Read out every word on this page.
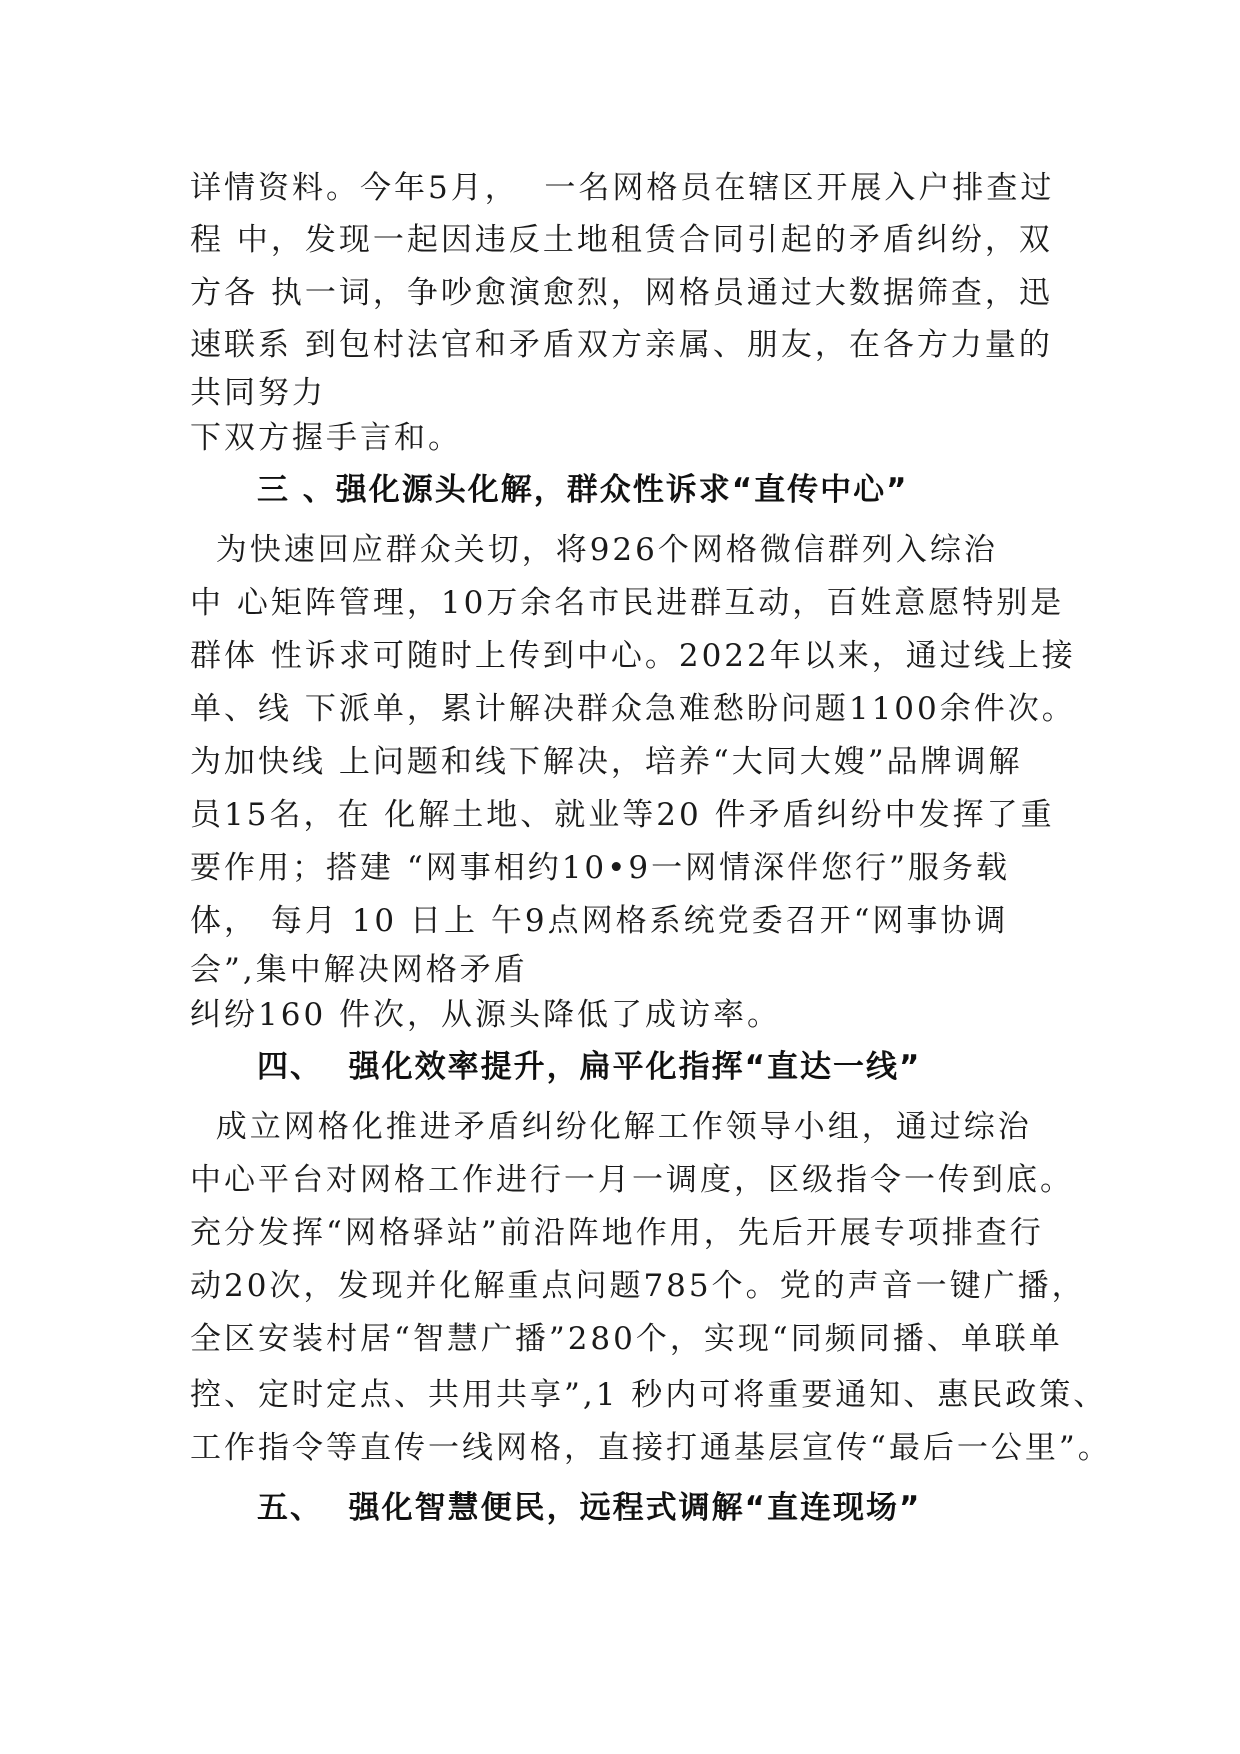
详情资料。今年5月，  一名网格员在辖区开展入户排查过
程 中，发现一起因违反土地租赁合同引起的矛盾纠纷，双
方各 执一词，争吵愈演愈烈，网格员通过大数据筛查，迅
速联系 到包村法官和矛盾双方亲属、朋友，在各方力量的
共同努力
下双方握手言和。
三 、强化源头化解，群众性诉求“直传中心”
为快速回应群众关切，将926个网格微信群列入综治
中 心矩阵管理，10万余名市民进群互动，百姓意愿特别是
群体 性诉求可随时上传到中心。2022年以来，通过线上接
单、线 下派单，累计解决群众急难愁盼问题1100余件次。
为加快线 上问题和线下解决，培养“大同大嫂”品牌调解
员15名，在 化解土地、就业等20 件矛盾纠纷中发挥了重
要作用；搭建 “网事相约10•9一网情深伴您行”服务载
体， 每月 10 日上 午9点网格系统党委召开“网事协调
会”,集中解决网格矛盾
纠纷160 件次，从源头降低了成访率。
四、  强化效率提升，扁平化指挥“直达一线”
成立网格化推进矛盾纠纷化解工作领导小组，通过综治
中心平台对网格工作进行一月一调度，区级指令一传到底。
充分发挥“网格驿站”前沿阵地作用，先后开展专项排查行
动20次，发现并化解重点问题785个。党的声音一键广播，
全区安装村居“智慧广播”280个，实现“同频同播、单联单
控、定时定点、共用共享”,1 秒内可将重要通知、惠民政策、
工作指令等直传一线网格，直接打通基层宣传“最后一公里”。
五、  强化智慧便民，远程式调解“直连现场”
